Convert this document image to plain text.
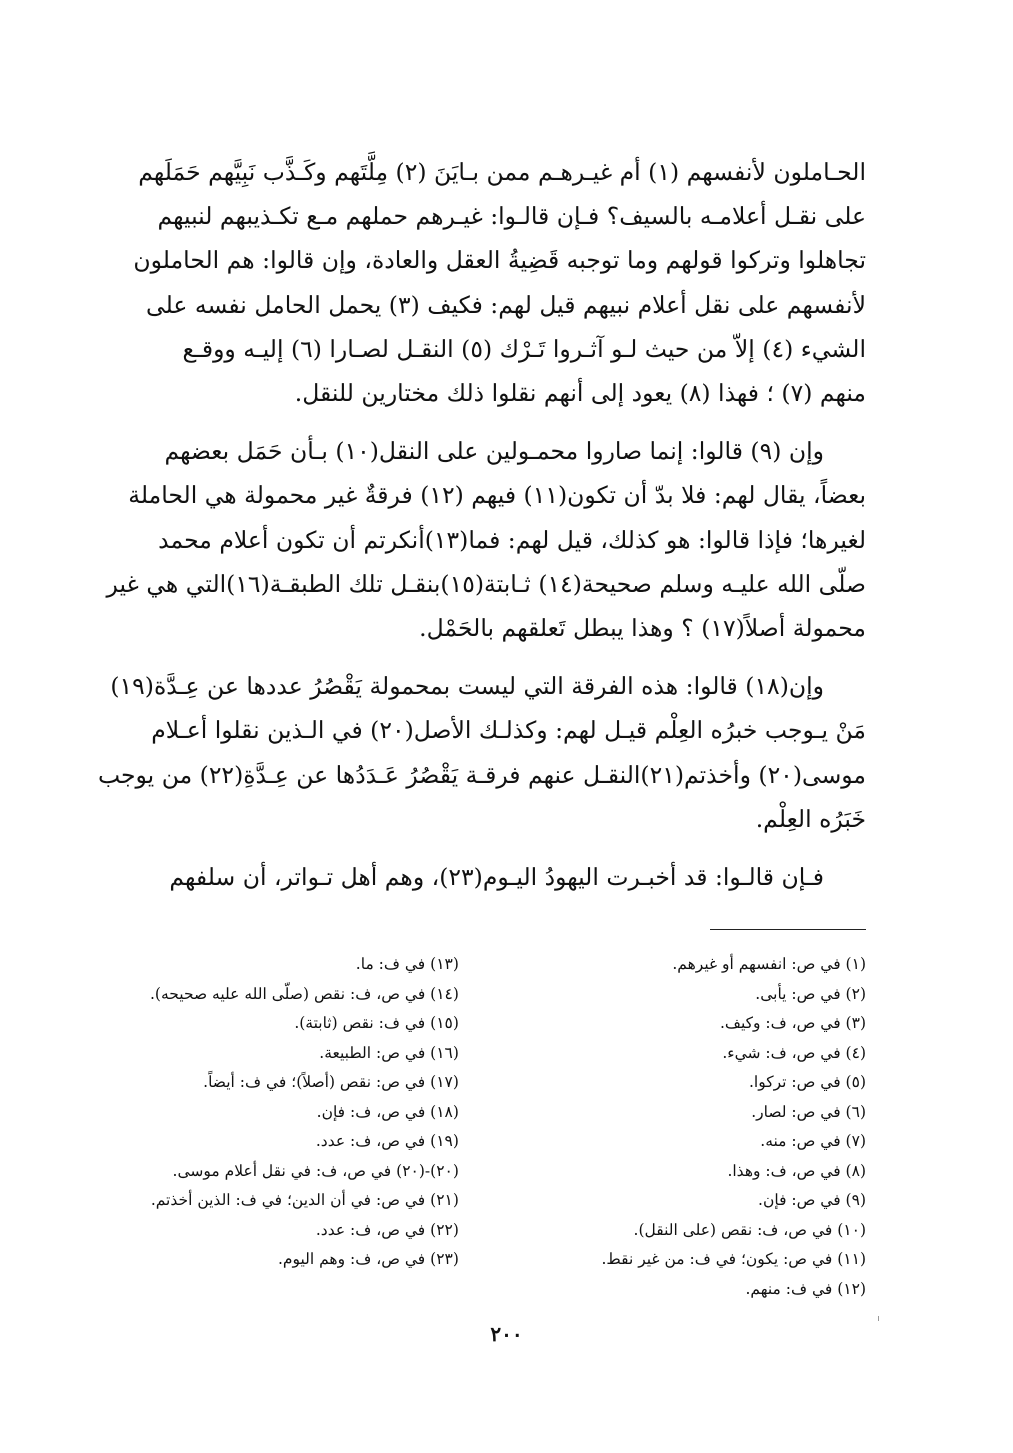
الحـاملون لأنفسهم (١) أم غيـرهـم ممن بـايَنَ (٢) مِلَّتَهم وكَـذَّب نَبِيَّهم حَمَلَهم
على نقـل أعلامـه بالسيف؟ فـإن قالـوا: غيـرهم حملهم مـع تكـذيبهم لنبيهم
تجاهلوا وتركوا قولهم وما توجبه قَضِيةُ العقل والعادة، وإن قالوا: هم الحاملون
لأنفسهم على نقل أعلام نبيهم قيل لهم: فكيف (٣) يحمل الحامل نفسه على
الشيء (٤) إلاّ من حيث لـو آثـروا تَـرْك (٥) النقـل لصـارا (٦) إليـه ووقـع
منهم (٧) ؛ فهذا (٨) يعود إلى أنهم نقلوا ذلك مختارين للنقل.
وإن (٩) قالوا: إنما صاروا محمـولين على النقل(١٠) بـأن حَمَل بعضهم
بعضاً، يقال لهم: فلا بدّ أن تكون(١١) فيهم (١٢) فرقةٌ غير محمولة هي الحاملة
لغيرها؛ فإذا قالوا: هو كذلك، قيل لهم: فما(١٣)أنكرتم أن تكون أعلام محمد
صلّى الله عليـه وسلم صحيحة(١٤) ثـابتة(١٥)بنقـل تلك الطبقـة(١٦)التي هي غير
محمولة أصلاً(١٧) ؟ وهذا يبطل تَعلقهم بالحَمْل.
وإن(١٨) قالوا: هذه الفرقة التي ليست بمحمولة يَقْصُرُ عددها عن عِـدَّة(١٩)
مَنْ يـوجب خبرُه العِلْم قيـل لهم: وكذلـك الأصل(٢٠) في الـذين نقلوا أعـلام
موسى(٢٠) وأخذتم(٢١)النقـل عنهم فرقـة يَقْصُرُ عَـدَدُها عن عِـدَّةِ(٢٢) من يوجب
خَبَرُه العِلْم.
فـإن قالـوا: قد أخبـرت اليهودُ اليـوم(٢٣)، وهم أهل تـواتر، أن سلفهم
(١) في ص: انفسهم أو غيرهم.
(٢) في ص: يأبى.
(٣) في ص، ف: وكيف.
(٤) في ص، ف: شيء.
(٥) في ص: تركوا.
(٦) في ص: لصار.
(٧) في ص: منه.
(٨) في ص، ف: وهذا.
(٩) في ص: فإن.
(١٠) في ص، ف: نقص (على النقل).
(١١) في ص: يكون؛ في ف: من غير نقط.
(١٢) في ف: منهم.
(١٣) في ف: ما.
(١٤) في ص، ف: نقص (صلّى الله عليه صحيحه).
(١٥) في ف: نقص (ثابتة).
(١٦) في ص: الطبيعة.
(١٧) في ص: نقص (أصلاً)؛ في ف: أيضاً.
(١٨) في ص، ف: فإن.
(١٩) في ص، ف: عدد.
(٢٠)-(٢٠) في ص، ف: في نقل أعلام موسى.
(٢١) في ص: في أن الدين؛ في ف: الذين أخذتم.
(٢٢) في ص، ف: عدد.
(٢٣) في ص، ف: وهم اليوم.
٢٠٠
